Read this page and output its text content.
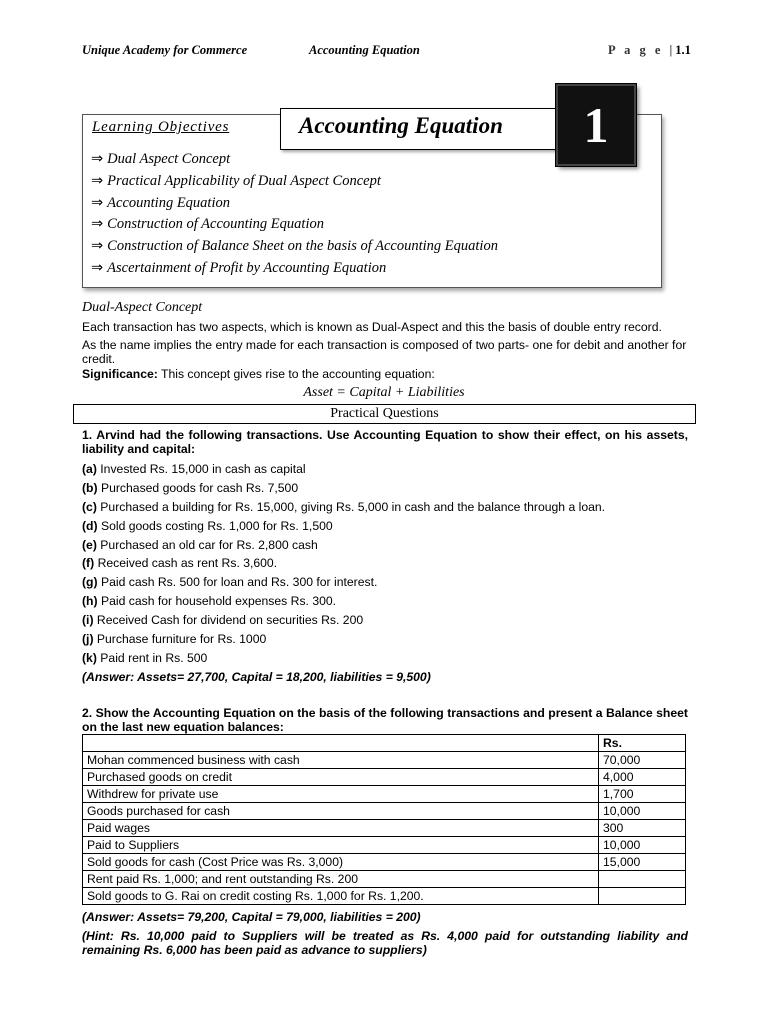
Unique Academy for Commerce	Accounting Equation	P a g e |1.1
Learning Objectives
⇒ Dual Aspect Concept
⇒ Practical Applicability of Dual Aspect Concept
⇒ Accounting Equation
⇒ Construction of Accounting Equation
⇒ Construction of Balance Sheet on the basis of Accounting Equation
⇒ Ascertainment of Profit by Accounting Equation
Accounting Equation	1
Dual-Aspect Concept
Each transaction has two aspects, which is known as Dual-Aspect and this the basis of double entry record.
As the name implies the entry made for each transaction is composed of two parts- one for debit and another for credit.
Significance: This concept gives rise to the accounting equation:
Asset = Capital + Liabilities
Practical Questions
1. Arvind had the following transactions. Use Accounting Equation to show their effect, on his assets, liability and capital:
(a) Invested Rs. 15,000 in cash as capital
(b) Purchased goods for cash Rs. 7,500
(c) Purchased a building for Rs. 15,000, giving Rs. 5,000 in cash and the balance through a loan.
(d) Sold goods costing Rs. 1,000 for Rs. 1,500
(e) Purchased an old car for Rs. 2,800 cash
(f) Received cash as rent Rs. 3,600.
(g) Paid cash Rs. 500 for loan and Rs. 300 for interest.
(h) Paid cash for household expenses Rs. 300.
(i) Received Cash for dividend on securities Rs. 200
(j) Purchase furniture for Rs. 1000
(k) Paid rent in Rs. 500
(Answer: Assets= 27,700, Capital = 18,200, liabilities = 9,500)
2. Show the Accounting Equation on the basis of the following transactions and present a Balance sheet on the last new equation balances:
	Rs.
Mohan commenced business with cash	70,000
Purchased goods on credit	4,000
Withdrew for private use	1,700
Goods purchased for cash	10,000
Paid wages	300
Paid to Suppliers	10,000
Sold goods for cash (Cost Price was Rs. 3,000)	15,000
Rent paid Rs. 1,000; and rent outstanding Rs. 200	
Sold goods to G. Rai on credit costing Rs. 1,000 for Rs. 1,200.	
(Answer: Assets= 79,200, Capital = 79,000, liabilities = 200)
(Hint: Rs. 10,000 paid to Suppliers will be treated as Rs. 4,000 paid for outstanding liability and remaining Rs. 6,000 has been paid as advance to suppliers)
